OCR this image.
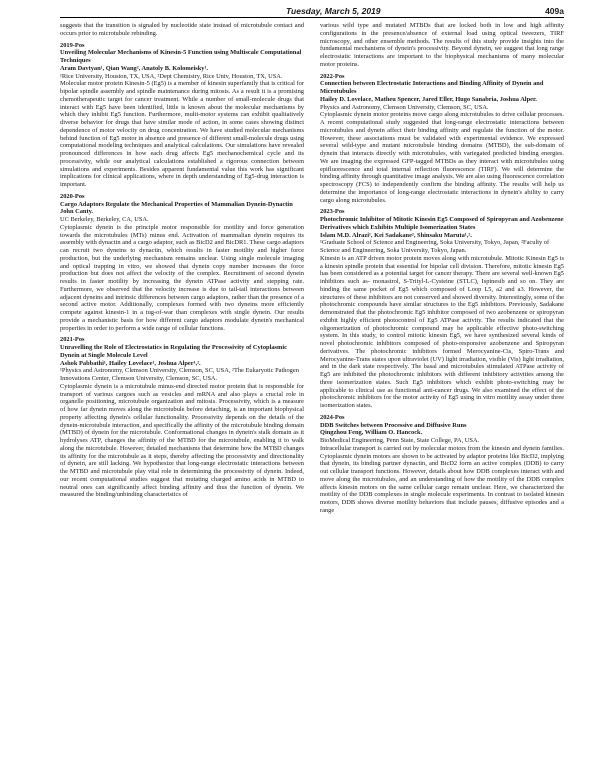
Tuesday, March 5, 2019	409a

suggests that the transition is signaled by nucleotide state instead of microtubule contact and occurs prior to microtubule rebinding.

2019-Pos

Unveiling Molecular Mechanisms of Kinesin-5 Function using Multiscale Computational Techniques

Aram Davtyan¹, Qian Wang², Anatoly B. Kolomeisky¹.

¹Rice University, Houston, TX, USA, ²Dept Chemistry, Rice Univ, Houston, TX, USA.

Molecular motor protein Kinesin-5 (Eg5) is a member of kinesin superfamily that is critical for bipolar spindle assembly and spindle maintenance during mitosis. As a result it is a promising chemotherapeutic target for cancer treatment. While a number of small-molecule drugs that interact with Eg5 have been identified, little is known about the molecular mechanisms by which they inhibit Eg5 function. Furthermore, multi-motor systems can exhibit qualitatively diverse behavior for drugs that have similar mode of action, in some cases showing distinct dependence of motor velocity on drug concentration. We have studied molecular mechanisms behind function of Eg5 motor in absence and presence of different small-molecule drugs using computational modeling techniques and analytical calculations. Our simulations have revealed pronounced differences in how each drug affects Eg5 mechanochemical cycle and its processivity, while our analytical calculations established a rigorous connection between simulations and experiments. Besides apparent fundamental value this work has significant implications for clinical applications, where in depth understanding of Eg5-drug interaction is important.

2020-Pos

Cargo Adaptors Regulate the Mechanical Properties of Mammalian Dynein-Dynactin

John Canty.

UC Berkeley, Berkeley, CA, USA.

Cytoplasmic dynein is the principle motor responsible for motility and force generation towards the microtubules (MTs) minus end. Activation of mammalian dynein requires its assembly with dynactin and a cargo adaptor, such as BicD2 and BicDR1. These cargo adaptors can recruit two dyneins to dynactin, which results in faster motility and higher force production, but the underlying mechanism remains unclear. Using single molecule imaging and optical trapping in vitro, we showed that dynein copy number increases the force production but does not affect the velocity of the complex. Recruitment of second dynein results in faster motility by increasing the dynein ATPase activity and stepping rate. Furthermore, we observed that the velocity increase is due to tail-tail interactions between adjacent dyneins and intrinsic differences between cargo adaptors, rather than the presence of a second active motor. Additionally, complexes formed with two dyneins more efficiently compete against kinesin-1 in a tug-of-war than complexes with single dynein. Our results provide a mechanistic basis for how different cargo adaptors modulate dynein's mechanical properties in order to perform a wide range of cellular functions.

2021-Pos

Unravelling the Role of Electrostatics in Regulating the Processivity of Cytoplasmic Dynein at Single Molecule Level

Ashok Pabbathi¹, Hailey Lovelace¹, Joshua Alper¹,².

¹Physics and Astronomy, Clemson University, Clemson, SC, USA, ²The Eukaryotic Pathogen Innovations Center, Clemson University, Clemson, SC, USA.

Cytoplasmic dynein is a microtubule minus-end directed motor protein that is responsible for transport of various cargoes such as vesicles and mRNA and also plays a crucial role in organelle positioning, microtubule organization and mitosis. Processivity, which is a measure of how far dynein moves along the microtubule before detaching, is an important biophysical property affecting dynein's cellular functionality. Processivity depends on the details of the dynein-microtubule interaction, and specifically the affinity of the microtubule binding domain (MTBD) of dynein for the microtubule. Conformational changes in dynein's stalk domain as it hydrolyses ATP, changes the affinity of the MTBD for the microtubule, enabling it to walk along the microtubule. However, detailed mechanisms that determine how the MTBD changes its affinity for the microtubule as it steps, thereby affecting the processivity and directionality of dynein, are still lacking. We hypothesize that long-range electrostatic interactions between the MTBD and microtubule play vital role in determining the processivity of dynein. Indeed, our recent computational studies suggest that mutating charged amino acids in MTBD to neutral ones can significantly affect binding affinity and thus the function of dynein. We measured the binding/unbinding characteristics of

various wild type and mutated MTBDs that are locked both in low and high affinity configurations in the presence/absence of external load using optical tweezers, TIRF microscopy, and other ensemble methods. The results of this study provide insights into the fundamental mechanisms of dynein's processivity. Beyond dynein, we suggest that long range electrostatic interactions are important to the biophysical mechanisms of many molecular motor proteins.

2022-Pos

Connection between Electrostatic Interactions and Binding Affinity of Dynein and Microtubules

Hailey D. Lovelace, Matheu Spencer, Jared Eller, Hugo Sanabria, Joshua Alper.

Physics and Astronomy, Clemson University, Clemson, SC, USA.

Cytoplasmic dynein motor proteins move cargo along microtubules to drive cellular processes. A recent computational study suggested that long-range electrostatic interactions between microtubules and dynein affect their binding affinity and regulate the function of the motor. However, these associations must be validated with experimental evidence. We expressed several wild-type and mutant microtubule binding domains (MTBD), the sub-domain of dynein that interacts directly with microtubules, with variegated predicted binding energies. We are imaging the expressed GFP-tagged MTBDs as they interact with microtubules using epifluorescence and total internal reflection fluorescence (TIRF). We will determine the binding affinity through quantitative image analysis. We are also using fluorescence correlation spectroscopy (FCS) to independently confirm the binding affinity. The results will help us determine the importance of long-range electrostatic interactions in dynein's ability to carry cargo along microtubules.

2023-Pos

Photochromic Inhibitor of Mitotic Kinesin Eg5 Composed of Spiropyran and Azobenzene Derivatives which Exhibits Multiple Isomerization States

Islam M.D. Alrazi¹, Kei Sadakane², Shinsaku Maruta¹,².

¹Graduate School of Science and Engineering, Soka University, Tokyo, Japan, ²Faculty of Science and Engineering, Soka University, Tokyo, Japan.

Kinesin is an ATP driven motor protein moves along with microtubule. Mitotic Kinesin Eg5 is a kinesin spindle protein that essential for bipolar cell division. Therefore, mitotic kinesin Eg5 has been considered as a potential target for cancer therapy. There are several well-known Eg5 inhibitors such as- monastrol, S-Trityl-L-Cysteine (STLC), Ispinesib and so on. They are binding the same pocket of Eg5 which composed of Loop L5, a2 and a3. However, the structures of these inhibitors are not conserved and showed diversity. Interestingly, some of the photochromic compounds have similar structures to the Eg5 inhibitors. Previously, Sadakane demonstrated that the photochromic Eg5 inhibitor composed of two azobenzene or spiropyran exhibit highly efficient photocontrol of Eg5 ATPase activity. The results indicated that the oligomerization of photochromic compound may be applicable effective photo-switching system. In this study, to control mitotic kinesin Eg5, we have synthesized several kinds of novel photochromic inhibitors composed of photo-responsive azobenzene and Spiropyran derivatives. The photochromic inhibitors formed Merocyanine-Cis, Spiro-Trans and Merocyanine-Trans states upon ultraviolet (UV) light irradiation, visible (Vis) light irradiation, and in the dark state respectively. The basal and microtubules stimulated ATPase activity of Eg5 are inhibited the photochromic inhibitors with different inhibitory activities among the three isomerization states. Such Eg5 inhibitors which exhibit photo-switching may be applicable to clinical use as functional anti-cancer drugs. We also examined the effect of the photochromic inhibitors for the motor activity of Eg5 using in vitro motility assay under three isomerization states.

2024-Pos

DDB Switches between Processive and Diffusive Runs

Qingzhou Feng, William O. Hancock.

BioMedical Engineering, Penn State, State College, PA, USA.

Intracellular transport is carried out by molecular motors from the kinesin and dynein families. Cytoplasmic dynein motors are shown to be activated by adaptor proteins like BicD2, implying that dynein, its binding partner dynactin, and BicD2 form an active complex (DDB) to carry out cellular transport functions. However, details about how DDB complexes interact with and move along the microtubules, and an understanding of how the motility of the DDB complex affects kinesin motors on the same cellular cargo remain unclear. Here, we characterized the motility of the DDB complexes in single molecule experiments. In contrast to isolated kinesin motors, DDB shows diverse motility behaviors that include pauses, diffusive episodes and a range
